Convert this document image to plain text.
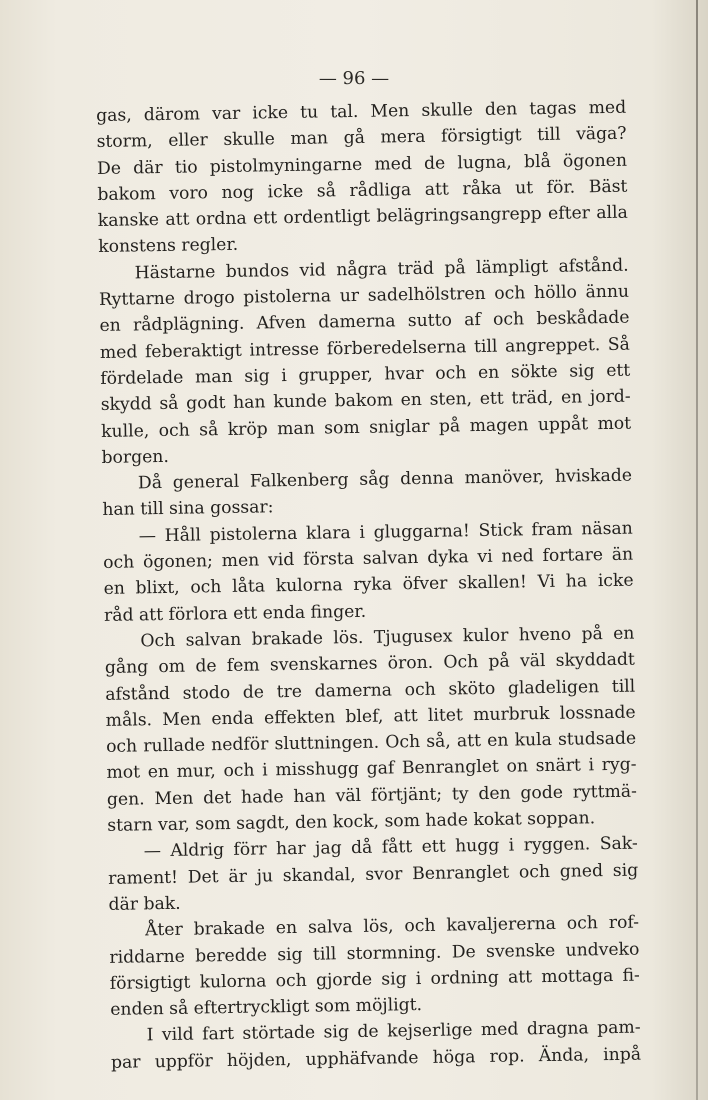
— 96 —
gas, därom var icke tu tal. Men skulle den tagas med
storm, eller skulle man gå mera försigtigt till väga?
De där tio pistolmyningarne med de lugna, blå ögonen
bakom voro nog icke så rådliga att råka ut för. Bäst
kanske att ordna ett ordentligt belägringsangrepp efter alla
konstens regler.
Hästarne bundos vid några träd på lämpligt afstånd.
Ryttarne drogo pistolerna ur sadelhölstren och höllo ännu
en rådplägning. Afven damerna sutto af och beskådade
med feberaktigt intresse förberedelserna till angreppet. Så
fördelade man sig i grupper, hvar och en sökte sig ett
skydd så godt han kunde bakom en sten, ett träd, en jord-
kulle, och så kröp man som sniglar på magen uppåt mot
borgen.
Då general Falkenberg såg denna manöver, hviskade
han till sina gossar:
— Håll pistolerna klara i gluggarna! Stick fram näsan
och ögonen; men vid första salvan dyka vi ned fortare än
en blixt, och låta kulorna ryka öfver skallen! Vi ha icke
råd att förlora ett enda finger.
Och salvan brakade lös. Tjugusex kulor hveno på en
gång om de fem svenskarnes öron. Och på väl skyddadt
afstånd stodo de tre damerna och sköto gladeligen till
måls. Men enda effekten blef, att litet murbruk lossnade
och rullade nedför sluttningen. Och så, att en kula studsade
mot en mur, och i misshugg gaf Benranglet on snärt i ryg-
gen. Men det hade han väl förtjänt; ty den gode ryttmä-
starn var, som sagdt, den kock, som hade kokat soppan.
— Aldrig förr har jag då fått ett hugg i ryggen. Sak-
rament! Det är ju skandal, svor Benranglet och gned sig
där bak.
Åter brakade en salva lös, och kavaljererna och rof-
riddarne beredde sig till stormning. De svenske undveko
försigtigt kulorna och gjorde sig i ordning att mottaga fi-
enden så eftertryckligt som möjligt.
I vild fart störtade sig de kejserlige med dragna pam-
par uppför höjden, upphäfvande höga rop. Ända, inpå
